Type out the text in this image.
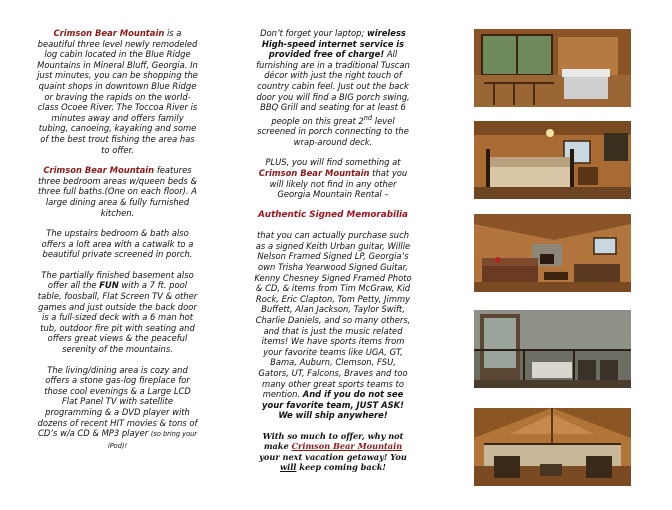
Crimson Bear Mountain is a beautiful three level newly remodeled log cabin located in the Blue Ridge Mountains in Mineral Bluff, Georgia. In just minutes, you can be shopping the quaint shops in downtown Blue Ridge or braving the rapids on the world-class Ocoee River. The Toccoa River is minutes away and offers family tubing, canoeing, kayaking and some of the best trout fishing the area has to offer.

Crimson Bear Mountain features three bedroom areas w/queen beds & three full baths.(One on each floor). A large dining area & fully furnished kitchen.

The upstairs bedroom & bath also offers a loft area with a catwalk to a beautiful private screened in porch.

The partially finished basement also offer all the FUN with a 7 ft. pool table, foosball, Flat Screen TV & other games and just outside the back door is a full-sized deck with a 6 man hot tub, outdoor fire pit with seating and offers great views & the peaceful serenity of the mountains.

The living/dining area is cozy and offers a stone gas-log fireplace for those cool evenings & a Large LCD Flat Panel TV with satellite programming & a DVD player with dozens of recent HIT movies & tons of CD’s w/a CD & MP3 player (so bring your iPod)!

Don’t forget your laptop; wireless High-speed internet service is provided free of charge! All furnishing are in a traditional Tuscan décor with just the right touch of country cabin feel. Just out the back door you will find a BIG porch swing, BBQ Grill and seating for at least 6 people on this great 2nd level screened in porch connecting to the wrap-around deck.

PLUS, you will find something at Crimson Bear Mountain that you will likely not find in any other Georgia Mountain Rental –

Authentic Signed Memorabilia

that you can actually purchase such as a signed Keith Urban guitar, Willie Nelson Framed Signed LP, Georgia’s own Trisha Yearwood Signed Guitar, Kenny Chesney Signed Framed Photo & CD, & items from Tim McGraw, Kid Rock, Eric Clapton, Tom Petty, Jimmy Buffett, Alan Jackson, Taylor Swift, Charlie Daniels, and so many others, and that is just the music related items! We have sports items from your favorite teams like UGA, GT, Bama, Auburn, Clemson, FSU, Gators, UT, Falcons, Braves and too many other great sports teams to mention. And if you do not see your favorite team, JUST ASK! We will ship anywhere!

With so much to offer, why not make Crimson Bear Mountain your next vacation getaway! You will keep coming back!
